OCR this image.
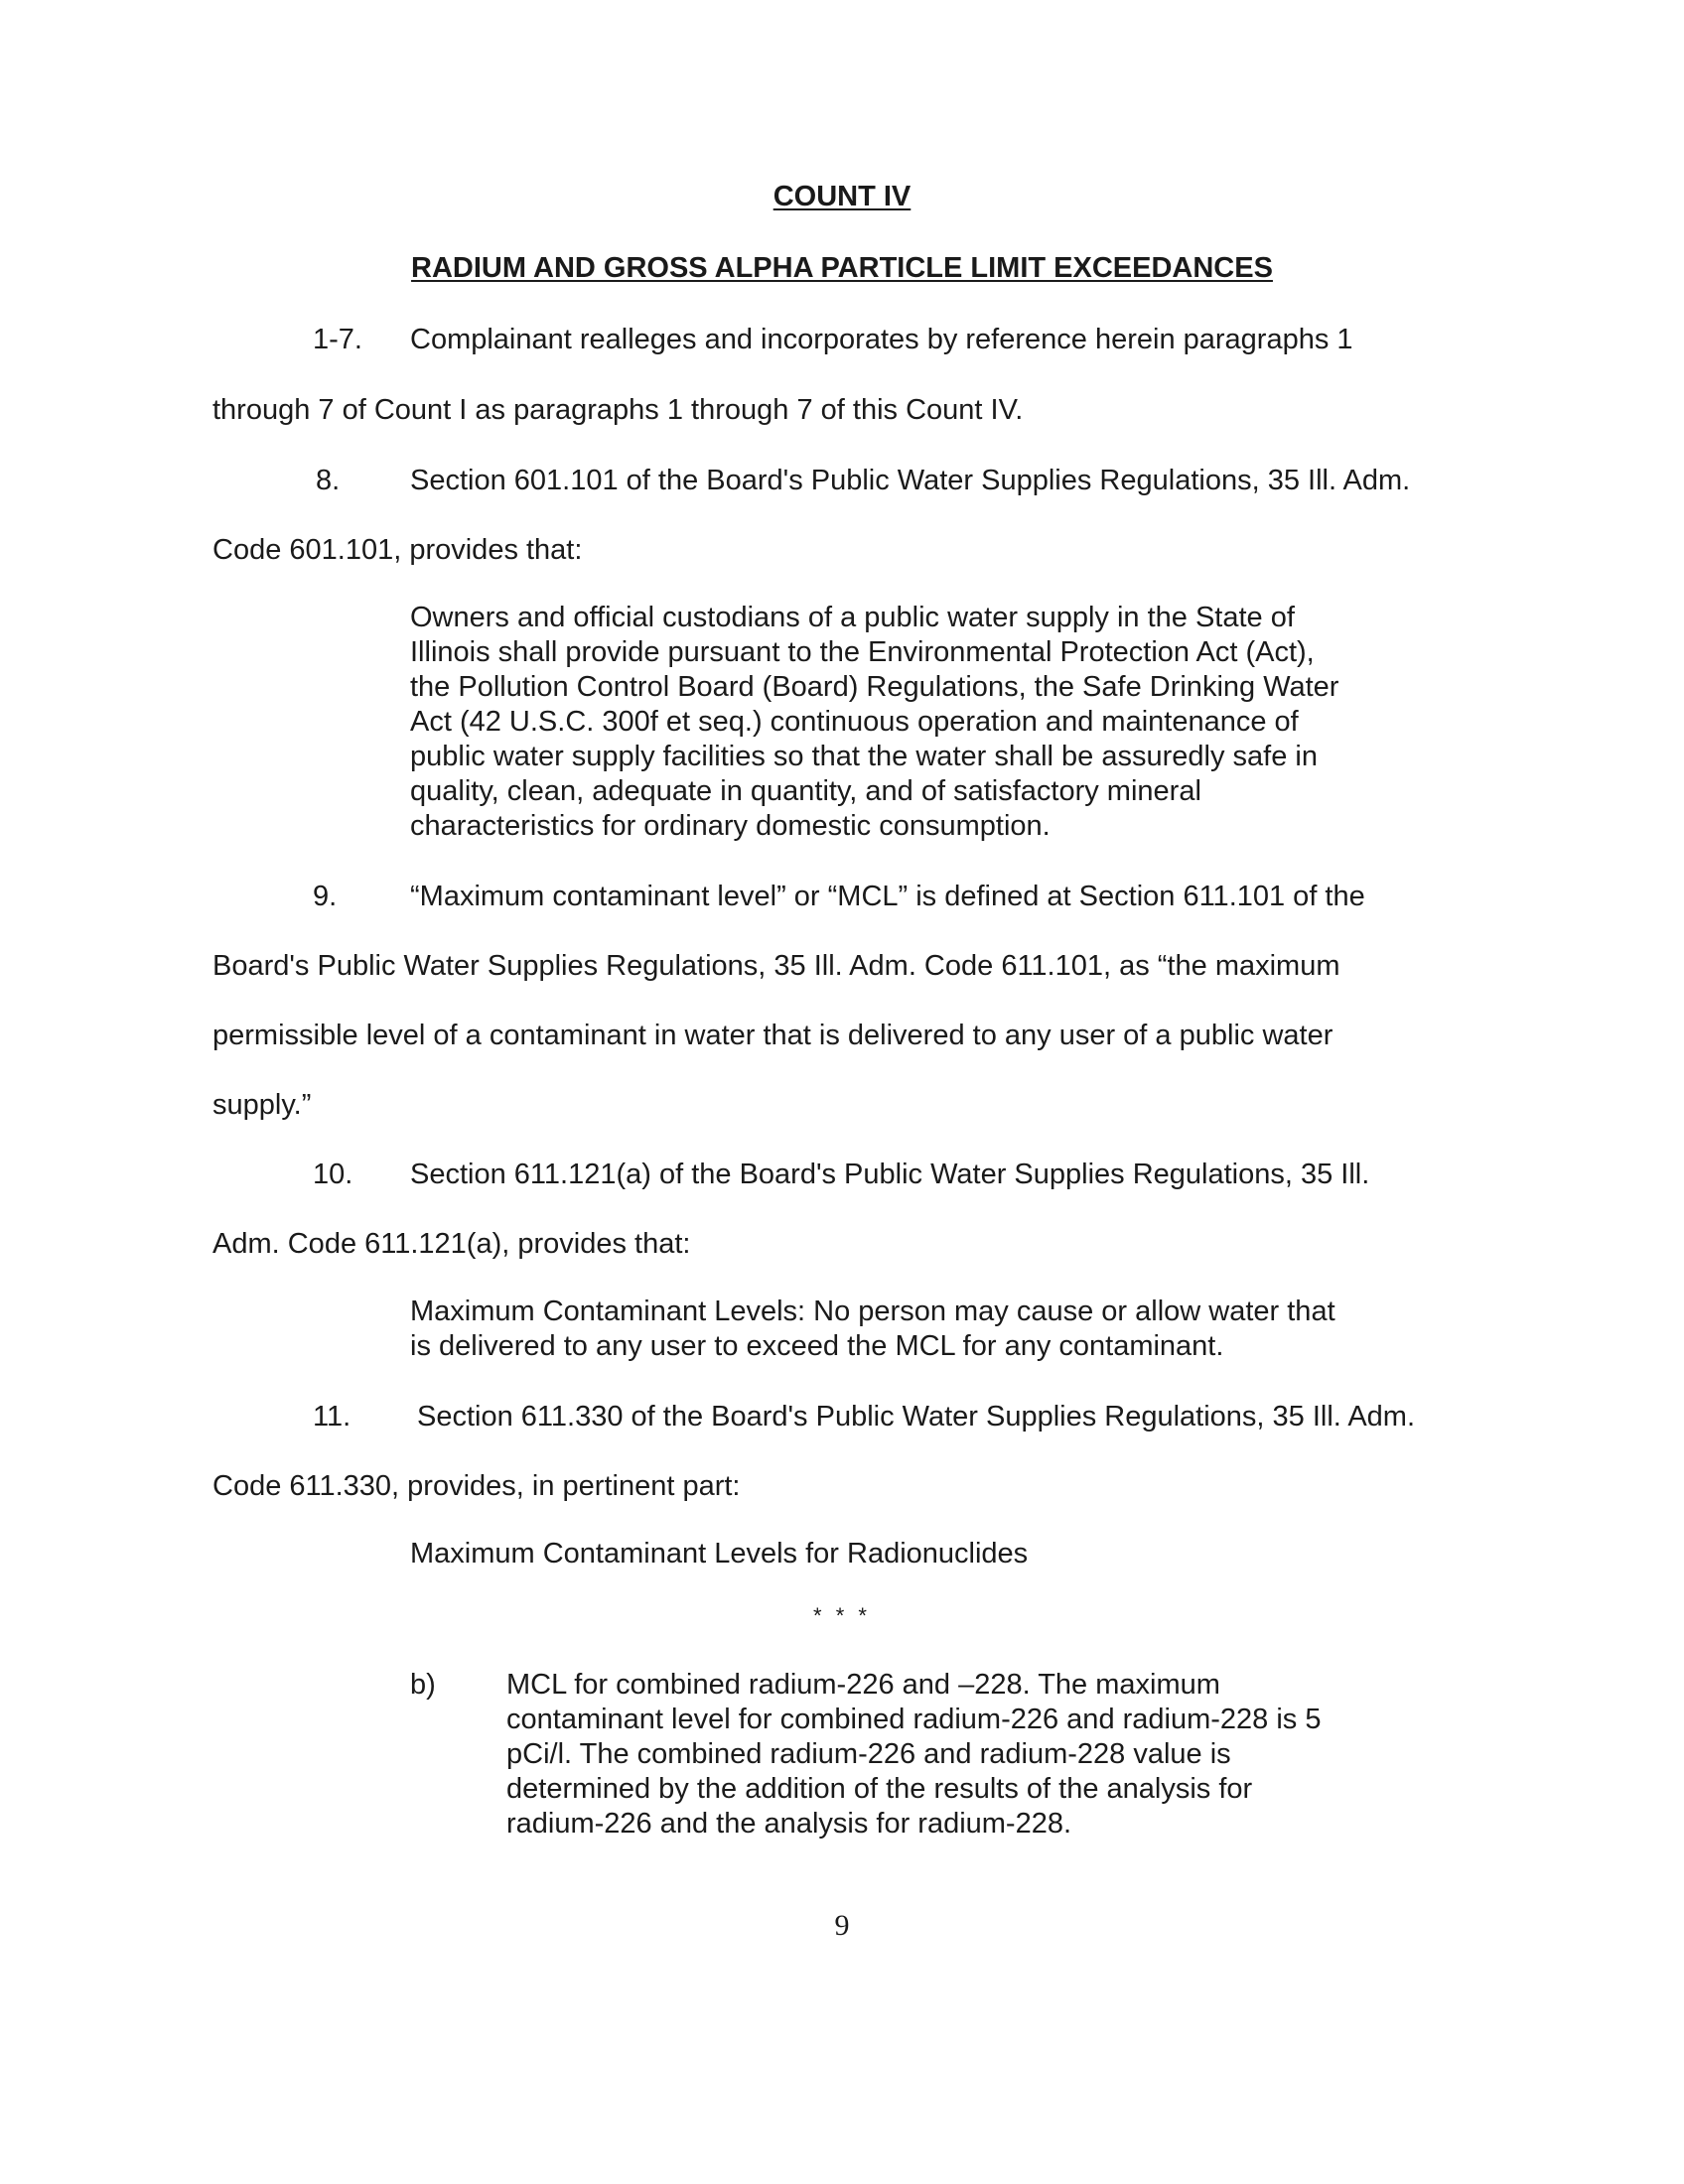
COUNT IV

RADIUM AND GROSS ALPHA PARTICLE LIMIT EXCEEDANCES

1-7. Complainant realleges and incorporates by reference herein paragraphs 1

through 7 of Count I as paragraphs 1 through 7 of this Count IV.

8. Section 601.101 of the Board's Public Water Supplies Regulations, 35 Ill. Adm.

Code 601.101, provides that:

Owners and official custodians of a public water supply in the State of

Illinois shall provide pursuant to the Environmental Protection Act (Act),

the Pollution Control Board (Board) Regulations, the Safe Drinking Water

Act (42 U.S.C. 300f et seq.) continuous operation and maintenance of

public water supply facilities so that the water shall be assuredly safe in

quality, clean, adequate in quantity, and of satisfactory mineral

characteristics for ordinary domestic consumption.

9.	“Maximum contaminant level” or “MCL” is defined at Section 611.101 of the

Board's Public Water Supplies Regulations, 35 Ill. Adm. Code 611.101, as “the maximum

permissible level of a contaminant in water that is delivered to any user of a public water

supply.”

10. Section 611.121(a) of the Board's Public Water Supplies Regulations, 35 Ill.

Adm. Code 611.121(a), provides that:

Maximum Contaminant Levels: No person may cause or allow water that

is delivered to any user to exceed the MCL for any contaminant.

11. Section 611.330 of the Board's Public Water Supplies Regulations, 35 Ill. Adm.

Code 611.330, provides, in pertinent part:

Maximum Contaminant Levels for Radionuclides

* * *

b) MCL for combined radium-226 and –228. The maximum

contaminant level for combined radium-226 and radium-228 is 5

pCi/l. The combined radium-226 and radium-228 value is

determined by the addition of the results of the analysis for

radium-226 and the analysis for radium-228.

9
